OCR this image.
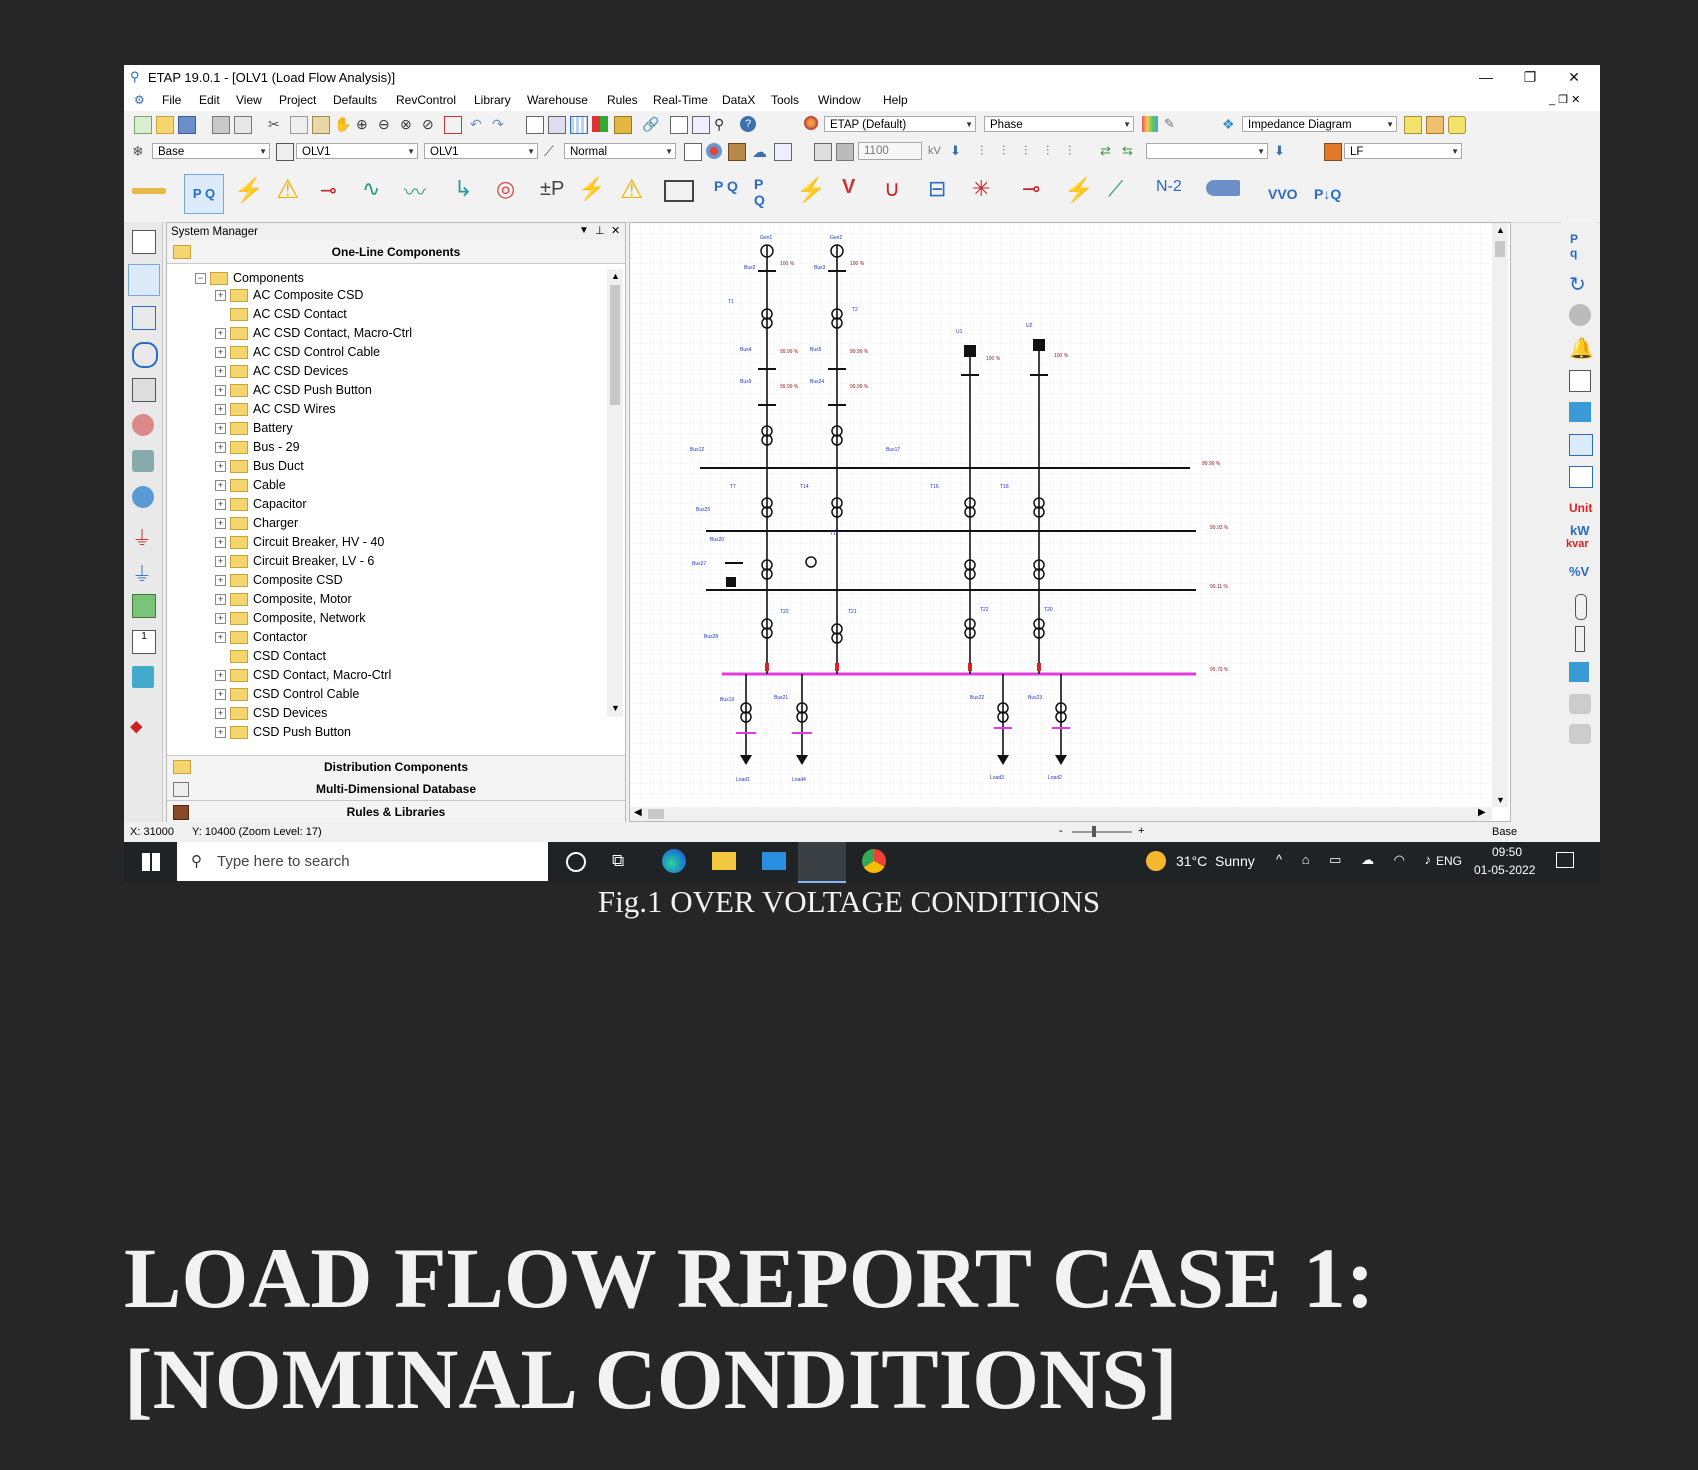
⚲ ETAP 19.0.1 - [OLV1 (Load Flow Analysis)]	—	❐	✕
⚙ File Edit View Project Defaults RevControl Library Warehouse Rules Real-Time DataX Tools Window Help	_ ❐ ✕
✂	✋ ⊕ ⊖ ⊗ ⊘	↶ ↷	🔗	⚲	?	ETAP (Default)	▼	Phase	▼	✎	❖	Impedance Diagram	▼
❄	Base	▼	OLV1	▼	OLV1	▼ ⟋	Normal	▼	☁	1100	kV ⬇	⫶	⫶	⫶	⫶	⫶	⇄ ⇆	▼ ⬇	LF	▼
P Q ⚡ ⚠ ⊸ ∿ 〰 ↳ ◎ ±P ⚡ ⚠	P Q P
Q ⚡ V ∪ ⊟ ✳ ⊸ ⚡ ⟋ N-2	VVO P↓Q
⏚
⏚
1
⬥
System Manager	▼ ⊥ ✕
One-Line Components
− Components
+ AC Composite CSD
AC CSD Contact
+ AC CSD Contact, Macro-Ctrl
+ AC CSD Control Cable
+ AC CSD Devices
+ AC CSD Push Button
+ AC CSD Wires
+ Battery
+ Bus - 29
+ Bus Duct
+ Cable
+ Capacitor
+ Charger
+ Circuit Breaker, HV - 40
+ Circuit Breaker, LV - 6
+ Composite CSD
+ Composite, Motor
+ Composite, Network
+ Contactor
CSD Contact
+ CSD Contact, Macro-Ctrl
+ CSD Control Cable
+ CSD Devices
+ CSD Push Button
▲
▼
Distribution Components
Multi-Dimensional Database
Rules & Libraries
Gen1	Gen2
Bus2	Bus3
T1
T2
Bus4	Bus5
Bus9	Bus24
Bus12	Bus17
T7	T14	T16	T18
Bus25
Bus20
Bus27
T17
Bus28
T22	T21	T22	T20
Bus19	Bus21	Bus22	Bus23
Load1	Load4	Load3	Load2
U1
U2
100 %	100 %
99.99 %	99.99 %
99.99 %	99.99 %
100 %	100 %
99.99 %
99.93 %
99.11 %
95.79 %
▲
▼
◀	▶
P
q
↻
🔔
Unit
kW
kvar
%V
X: 31000 Y: 10400 (Zoom Level: 17)	-	+	Base
⚲ Type here to search	⧉	31°C  Sunny ^ ⌂ ▭ ☁ ◠ ♪
ENG
09:50
01-05-2022
Fig.1 OVER VOLTAGE CONDITIONS
LOAD FLOW REPORT CASE 1:
[NOMINAL CONDITIONS]
